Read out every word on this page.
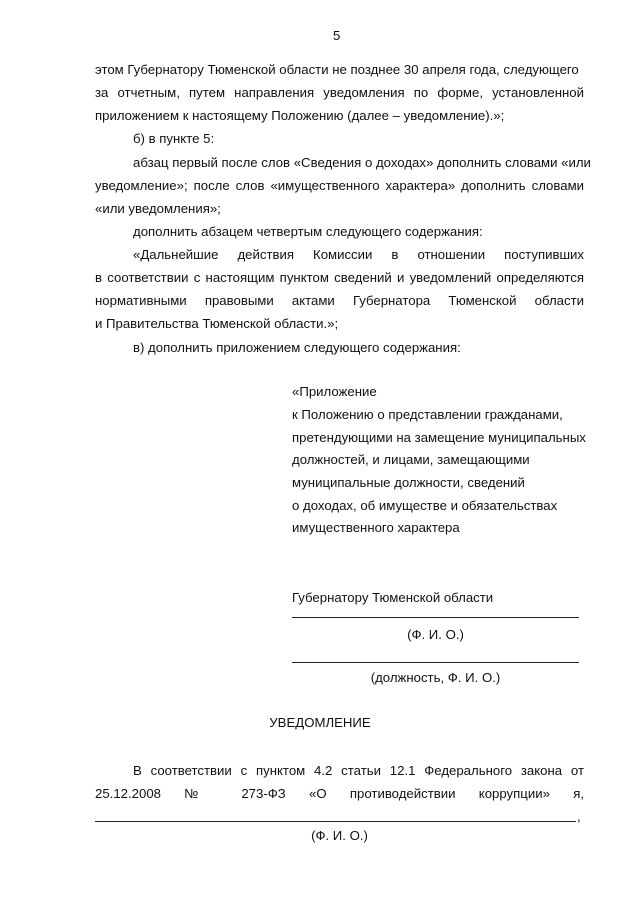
5
этом Губернатору Тюменской области не позднее 30 апреля года, следующего
за отчетным, путем направления уведомления по форме, установленной
приложением к настоящему Положению (далее – уведомление).»;
б) в пункте 5:
абзац первый после слов «Сведения о доходах» дополнить словами «или
уведомление»; после слов «имущественного характера» дополнить словами
«или уведомления»;
дополнить абзацем четвертым следующего содержания:
«Дальнейшие действия Комиссии в отношении поступивших
в соответствии с настоящим пунктом сведений и уведомлений определяются
нормативными правовыми актами Губернатора Тюменской области
и Правительства Тюменской области.»;
в) дополнить приложением следующего содержания:
«Приложение
к Положению о представлении гражданами,
претендующими на замещение муниципальных
должностей, и лицами, замещающими
муниципальные должности, сведений
о доходах, об имуществе и обязательствах
имущественного характера
Губернатору Тюменской области
(Ф. И. О.)
(должность, Ф. И. О.)
УВЕДОМЛЕНИЕ
В соответствии с пунктом 4.2 статьи 12.1 Федерального закона от
25.12.2008 № 273-ФЗ «О противодействии коррупции» я,
,
(Ф. И. О.)
